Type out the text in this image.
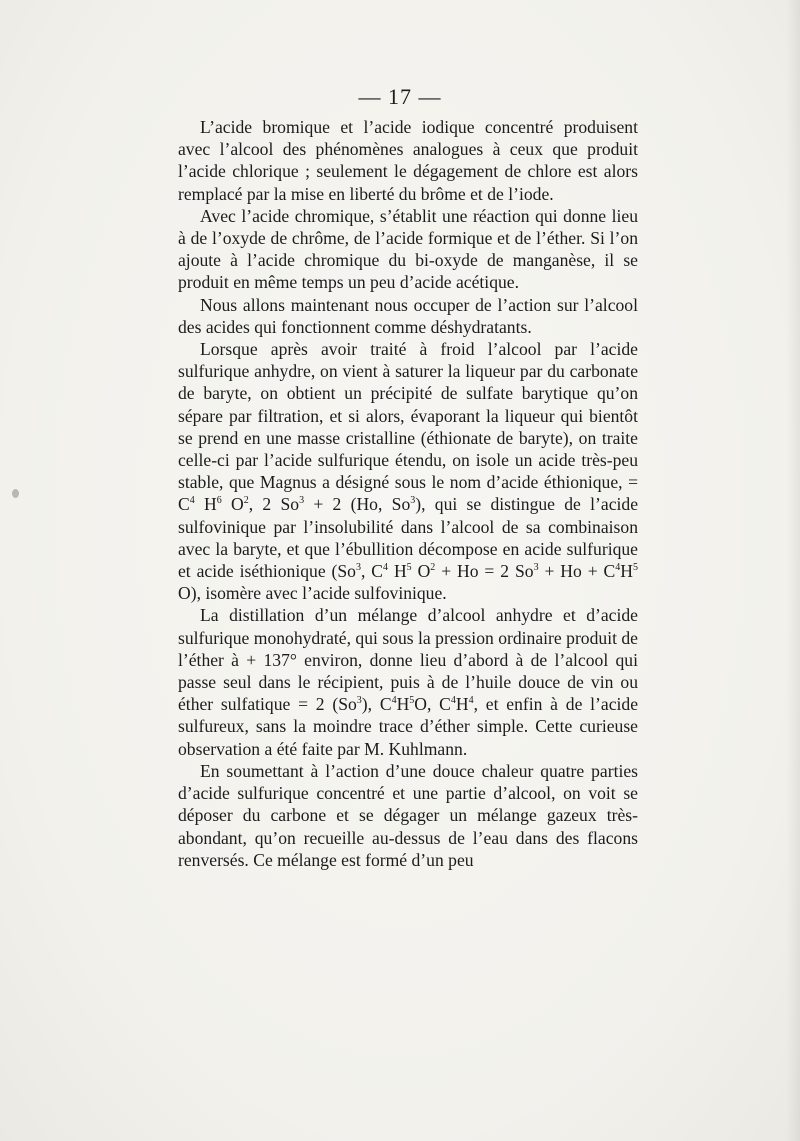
— 17 —

L’acide bromique et l’acide iodique concentré produisent avec l’alcool des phénomènes analogues à ceux que produit l’acide chlorique ; seulement le dégagement de chlore est alors remplacé par la mise en liberté du brôme et de l’iode.

Avec l’acide chromique, s’établit une réaction qui donne lieu à de l’oxyde de chrôme, de l’acide formique et de l’éther. Si l’on ajoute à l’acide chromique du bi-oxyde de manganèse, il se produit en même temps un peu d’acide acétique.

Nous allons maintenant nous occuper de l’action sur l’alcool des acides qui fonctionnent comme déshydratants.

Lorsque après avoir traité à froid l’alcool par l’acide sulfurique anhydre, on vient à saturer la liqueur par du carbonate de baryte, on obtient un précipité de sulfate barytique qu’on sépare par filtration, et si alors, évaporant la liqueur qui bientôt se prend en une masse cristalline (éthionate de baryte), on traite celle-ci par l’acide sulfurique étendu, on isole un acide très-peu stable, que Magnus a désigné sous le nom d’acide éthionique, = $C^4$ $H^6$ $O^2$, 2 $So^3 + 2$ (Ho, So$^3$), qui se distingue de l’acide sulfovinique par l’insolubilité dans l’alcool de sa combinaison avec la baryte, et que l’ébullition décompose en acide sulfurique et acide iséthionique (So$^3$, $C^4$ $H^5$ $O^2 + Ho = 2$ $So^3 + Ho + C^4H^5$ O), isomère avec l’acide sulfovinique.

La distillation d’un mélange d’alcool anhydre et d’acide sulfurique monohydraté, qui sous la pression ordinaire produit de l’éther à + 137° environ, donne lieu d’abord à de l’alcool qui passe seul dans le récipient, puis à de l’huile douce de vin ou éther sulfatique = 2 (So$^3$), $C^4H^5O$, $C^4H^4$, et enfin à de l’acide sulfureux, sans la moindre trace d’éther simple. Cette curieuse observation a été faite par M. Kuhlmann.

En soumettant à l’action d’une douce chaleur quatre parties d’acide sulfurique concentré et une partie d’alcool, on voit se déposer du carbone et se dégager un mélange gazeux très-abondant, qu’on recueille au-dessus de l’eau dans des flacons renversés. Ce mélange est formé d’un peu
